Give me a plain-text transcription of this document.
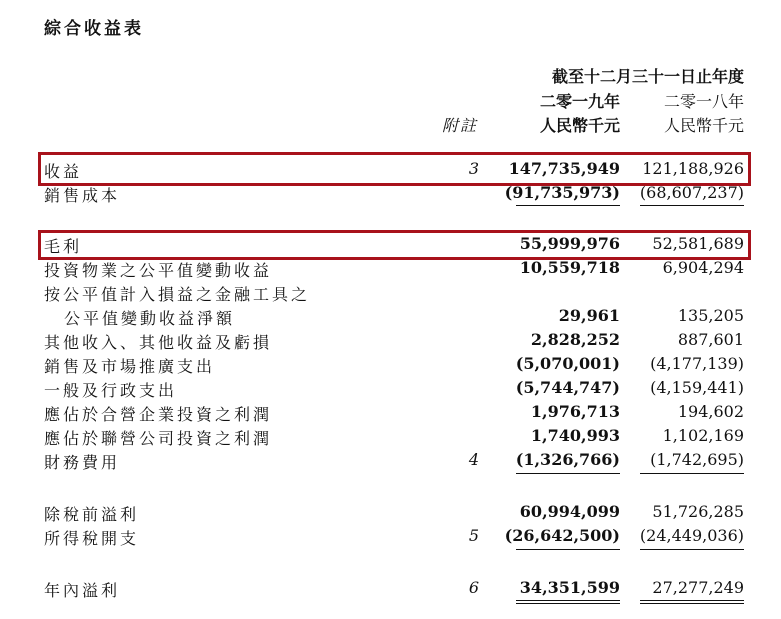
綜合收益表
截至十二月三十一日止年度
二零一九年	二零一八年
附註	人民幣千元	人民幣千元
收益	3	147,735,949 121,188,926
銷售成本	(91,735,973) (68,607,237)
毛利	55,999,976 52,581,689
投資物業之公平值變動收益	10,559,718	6,904,294
按公平值計入損益之金融工具之
公平值變動收益淨額	29,961	135,205
其他收入、其他收益及虧損	2,828,252	887,601
銷售及市場推廣支出	(5,070,001) (4,177,139)
一般及行政支出	(5,744,747) (4,159,441)
應佔於合營企業投資之利潤	1,976,713	194,602
應佔於聯營公司投資之利潤	1,740,993	1,102,169
財務費用	4	(1,326,766) (1,742,695)
除稅前溢利	60,994,099 51,726,285
所得稅開支	5	(26,642,500) (24,449,036)
年內溢利	6	34,351,599 27,277,249
